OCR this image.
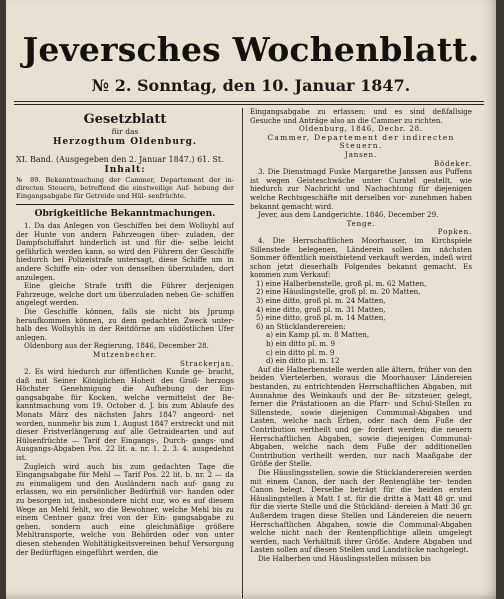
Jeversches Wochenblatt.
№ 2. Sonntag, den 10. Januar 1847.
Gesetzblatt
für das
Herzogthum Oldenburg.
XI. Band. (Ausgegeben den 2. Januar 1847.) 61. St.
Inhalt:
№ 89. Bekanntmachung der Cammer, Departement der in- directen Steuern, betreffend die einstweilige Auf- hebung der Eingangsabgabe für Getreide und Hül- senfrüchte.
Obrigkeitliche Bekanntmachungen.
1. Da das Anlegen von Geschiffen bei dem Wollsyhl auf der Hunte von andern Fahrzeugen über- zuladen, der Dampfschiffahrt hinderlich ist und für die- selbe leicht gefährlich werden kann, so wird den Führern der Geschiffe hiedurch bei Polizeistrafe untersagt, diese Schiffe um in andere Schiffe ein- oder von denselben überzuladen, dort anzulegen.
Eine gleiche Strafe trifft die Führer derjenigen Fahrzeuge, welche dort um überzuladen neben Ge- schiffen angelegt werden.
Die Geschiffe können, falls sie nicht bis Jprump heraufkommen können, zu dem gedachten Zweck unter- halb des Wollsyhls in der Reitdörne am südöstlichen Ufer anlegen.
Oldenburg aus der Regierung, 1846, December 28.
Mutzenbecher.
Strackerjan.
2. Es wird hiedurch zur öffentlichen Kunde ge- bracht, daß mit Seiner Königlichen Hoheit des Groß- herzogs Höchster Genehmigung die Aufhebung der Ein- gangsabgabe für Kocken, welche vermittelst der Be- kanntmachung vom 19. October d. J. bis zum Ablaufe des Monats März des nächsten Jahrs 1847 angeord- net worden, nunmehr bis zum 1. August 1847 erstreckt und mit dieser Fristverlängerung auf alle Getraidearten und auf Hülsenfrüchte — Tarif der Eingangs-, Durch- gangs- und Ausgangs-Abgaben Pos. 22 lit. a. nr. 1. 2. 3. 4. ausgedehnt ist.
Zugleich wird auch bis zum gedachten Tage die Eingangsabgabe für Mehl — Tarif Pos. 22 lit. b. nr. 2 — da zu einmaligem und den Ausländern nach auf- gang zu erlassen, wo ein persönlicher Bedürfniß vor- handen oder zu besorgen ist, insbesondere nicht nur, wo es auf diesem Wege an Mehl fehlt, wo die Bewohner, welche Mehl bis zu einem Centner ganz frei von der Ein- gangsabgabe zu gehen, sondern auch eine gleichmäßige größere Mehltransporte, welche von Behörden oder von unter diesen stehenden Wohltätigkeitsvereinen behuf Versorgung der Bedürftigen eingeführt werden, die
Eingangsabgabe zu erlassen; und es sind deßfallsige Gesuche und Anträge also an die Cammer zu richten.
Oldenburg, 1846, Decbr. 28.
Cammer, Departement der indirecten Steuern.
Jansen.
Bödeker.
3. Die Dienstmagd Fuske Margarethe Janssen aus Puffens ist wegen Geisteschwäche unter Curatel gestellt, wie hiedurch zur Nachricht und Nachachtung für diejenigen welche Rechtsgeschäfte mit derselben vor- zunehmen haben bekannt gemacht wird.
Jever, aus dem Landgerichte. 1846, December 29.
Tenge.
Popken.
4. Die Herrschaftlichen Moorhauser, im Kirchspiele Sillenstede belegenen, Länderein sollen im nächsten Sommer öffentlich meistbietend verkauft werden, indeß wird schon jetzt dieserhalb Folgendes bekannt gemacht. Es kommen zum Verkauf:
1) eine Halberbenstelle, groß pl. m. 62 Matten,
2) eine Häuslingstelle, groß pl. m. 20 Matten,
3) eine ditto, groß pl. m. 24 Matten,
4) eine ditto, groß pl. m. 31 Matten,
5) eine ditto, groß pl. m. 14 Matten,
6) an Stücklanderereien:
a) ein Kamp pl. m. 8 Matten,
b) ein ditto pl. m. 9
c) ein ditto pl. m. 9
d) ein ditto pl. m. 12
Auf die Halberbenstelle werden alle ältern, früher von den beiden Viertelerben, woraus die Moorhauser Ländereien bestanden, zu entrichtenden Herrschaftlichen Abgaben, mit Ausnahme des Weinkaufs und der Be- sitzsteuer, gelegt, ferner die Prästationen an die Pfarr- und Schul-Stellen zu Sillenstede, sowie diejenigen Communal-Abgaben und Lasten, welche nach Erben, oder nach dem Fuße der Contribution vertheilt und ge- fordert werden; die neuern Herrschaftlichen Abgaben, sowie diejenigen Communal-Abgaben, welche nach dem Fuße der additionellen Contribution vertheilt werden, nur nach Maaßgabe der Größe der Stelle.
Die Häuslingsstellen, sowie die Stücklanderereien werden mit einem Canon, der nach der Rentengläbe ter- tenden Canon belegt. Derselbe beträgt für die beiden ersten Häuslingstellen à Matt 1 st. für die dritte à Matt 48 gr. und für die vierte Stelle und die Stückländ- dereien à Matt 36 gr. Außerdem tragen diese Stellen und Ländereien die neuern Herrschaftlichen Abgaben, sowie die Communal-Abgaben welche nicht nach der Rentenpflichtige allein umgelegt werden, nach Verhältniß ihrer Größe. Andere Abgaben und Lasten sollen auf diesen Stellen und Landstücke nachgelegt.
Die Halberben und Häuslingsstellen müssen bis
